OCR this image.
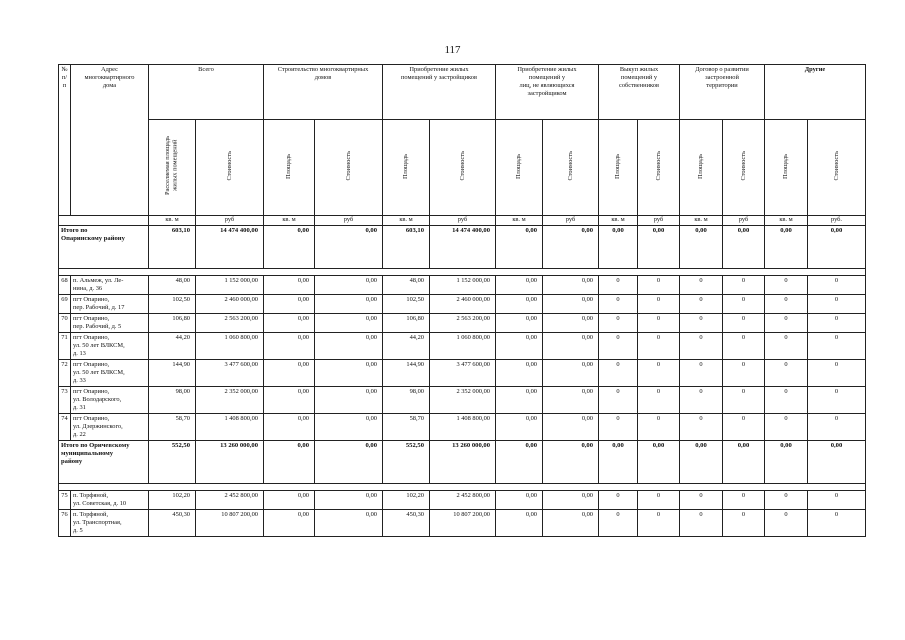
117
№
п/п	Адрес
многоквартирного
дома	Всего		Строительство многоквартирных
домов		Приобретение жилых
помещений у застройщиков		Приобретение жилых
помещений у
лиц, не являющихся
застройщиком		Выкуп жилых
помещений у
собственников		Договор о развитии
застроенной
территории		Другие	
		Расселяемая площадь
жилых помещений	Стоимость	Площадь	Стоимость	Площадь	Стоимость	Площадь	Стоимость	Площадь	Стоимость	Площадь	Стоимость	Площадь	Стоимость
		кв. м	руб	кв. м	руб	кв. м	руб	кв. м	руб	кв. м	руб	кв. м	руб	кв. м	руб.
Итого по
Опаринскому району		603,10	14 474 400,00	0,00	0,00	603,10	14 474 400,00	0,00	0,00	0,00	0,00	0,00	0,00	0,00	0,00

68	п. Альмеж, ул. Ле-
нина, д. 36	48,00	1 152 000,00	0,00	0,00	48,00	1 152 000,00	0,00	0,00	0	0	0	0	0	0
69	пгт Опарино,
пер. Рабочий, д. 17	102,50	2 460 000,00	0,00	0,00	102,50	2 460 000,00	0,00	0,00	0	0	0	0	0	0
70	пгт Опарино,
пер. Рабочий, д. 5	106,80	2 563 200,00	0,00	0,00	106,80	2 563 200,00	0,00	0,00	0	0	0	0	0	0
71	пгт Опарино,
ул. 50 лет ВЛКСМ,
д. 13	44,20	1 060 800,00	0,00	0,00	44,20	1 060 800,00	0,00	0,00	0	0	0	0	0	0
72	пгт Опарино,
ул. 50 лет ВЛКСМ,
д. 33	144,90	3 477 600,00	0,00	0,00	144,90	3 477 600,00	0,00	0,00	0	0	0	0	0	0
73	пгт Опарино,
ул. Володарского,
д. 31	98,00	2 352 000,00	0,00	0,00	98,00	2 352 000,00	0,00	0,00	0	0	0	0	0	0
74	пгт Опарино,
ул. Дзержинского,
д. 22	58,70	1 408 800,00	0,00	0,00	58,70	1 408 800,00	0,00	0,00	0	0	0	0	0	0
Итого по Оричевскому
муниципальному
району		552,50	13 260 000,00	0,00	0,00	552,50	13 260 000,00	0,00	0,00	0,00	0,00	0,00	0,00	0,00	0,00

75	п. Торфяной,
ул. Советская, д. 10	102,20	2 452 800,00	0,00	0,00	102,20	2 452 800,00	0,00	0,00	0	0	0	0	0	0
76	п. Торфяной,
ул. Транспортная,
д. 5	450,30	10 807 200,00	0,00	0,00	450,30	10 807 200,00	0,00	0,00	0	0	0	0	0	0
